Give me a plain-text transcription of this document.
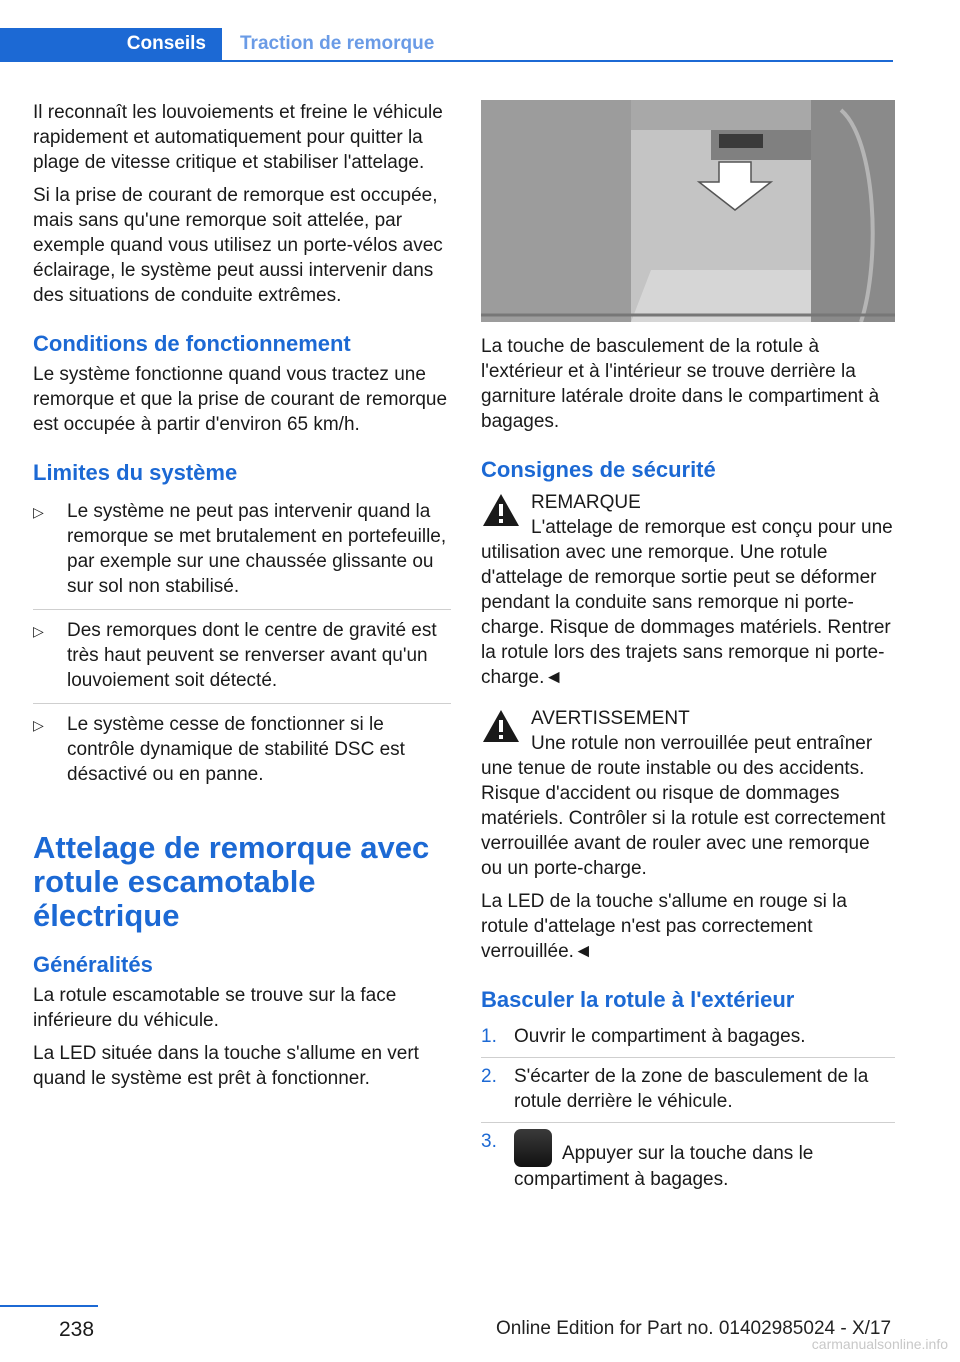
Conseils	Traction de remorque

Il reconnaît les louvoiements et freine le véhicule rapidement et automatiquement pour quitter la plage de vitesse critique et stabiliser l'attelage.

Si la prise de courant de remorque est occupée, mais sans qu'une remorque soit attelée, par exemple quand vous utilisez un porte-vélos avec éclairage, le système peut aussi intervenir dans des situations de conduite extrêmes.

Conditions de fonctionnement

Le système fonctionne quand vous tractez une remorque et que la prise de courant de remorque est occupée à partir d'environ 65 km/h.

Limites du système
▷ Le système ne peut pas intervenir quand la remorque se met brutalement en portefeuille, par exemple sur une chaussée glissante ou sur sol non stabilisé.
▷ Des remorques dont le centre de gravité est très haut peuvent se renverser avant qu'un louvoiement soit détecté.
▷ Le système cesse de fonctionner si le contrôle dynamique de stabilité DSC est désactivé ou en panne.
Attelage de remorque avec rotule escamotable électrique
Généralités

La rotule escamotable se trouve sur la face inférieure du véhicule.

La LED située dans la touche s'allume en vert quand le système est prêt à fonctionner.

La touche de basculement de la rotule à l'extérieur et à l'intérieur se trouve derrière la garniture latérale droite dans le compartiment à bagages.

Consignes de sécurité
REMARQUE

L'attelage de remorque est conçu pour une utilisation avec une remorque. Une rotule d'attelage de remorque sortie peut se déformer pendant la conduite sans remorque ni porte-charge. Risque de dommages matériels. Rentrer la rotule lors des trajets sans remorque ni porte-charge.◄

AVERTISSEMENT

Une rotule non verrouillée peut entraîner une tenue de route instable ou des accidents. Risque d'accident ou risque de dommages matériels. Contrôler si la rotule est correctement verrouillée avant de rouler avec une remorque ou un porte-charge.

La LED de la touche s'allume en rouge si la rotule d'attelage n'est pas correctement verrouillée.◄

Basculer la rotule à l'extérieur
1. Ouvrir le compartiment à bagages.
2. S'écarter de la zone de basculement de la rotule derrière le véhicule.
3.
Appuyer sur la touche dans le compartiment à bagages.
238	Online Edition for Part no. 01402985024 - X/17
carmanualsonline.info
